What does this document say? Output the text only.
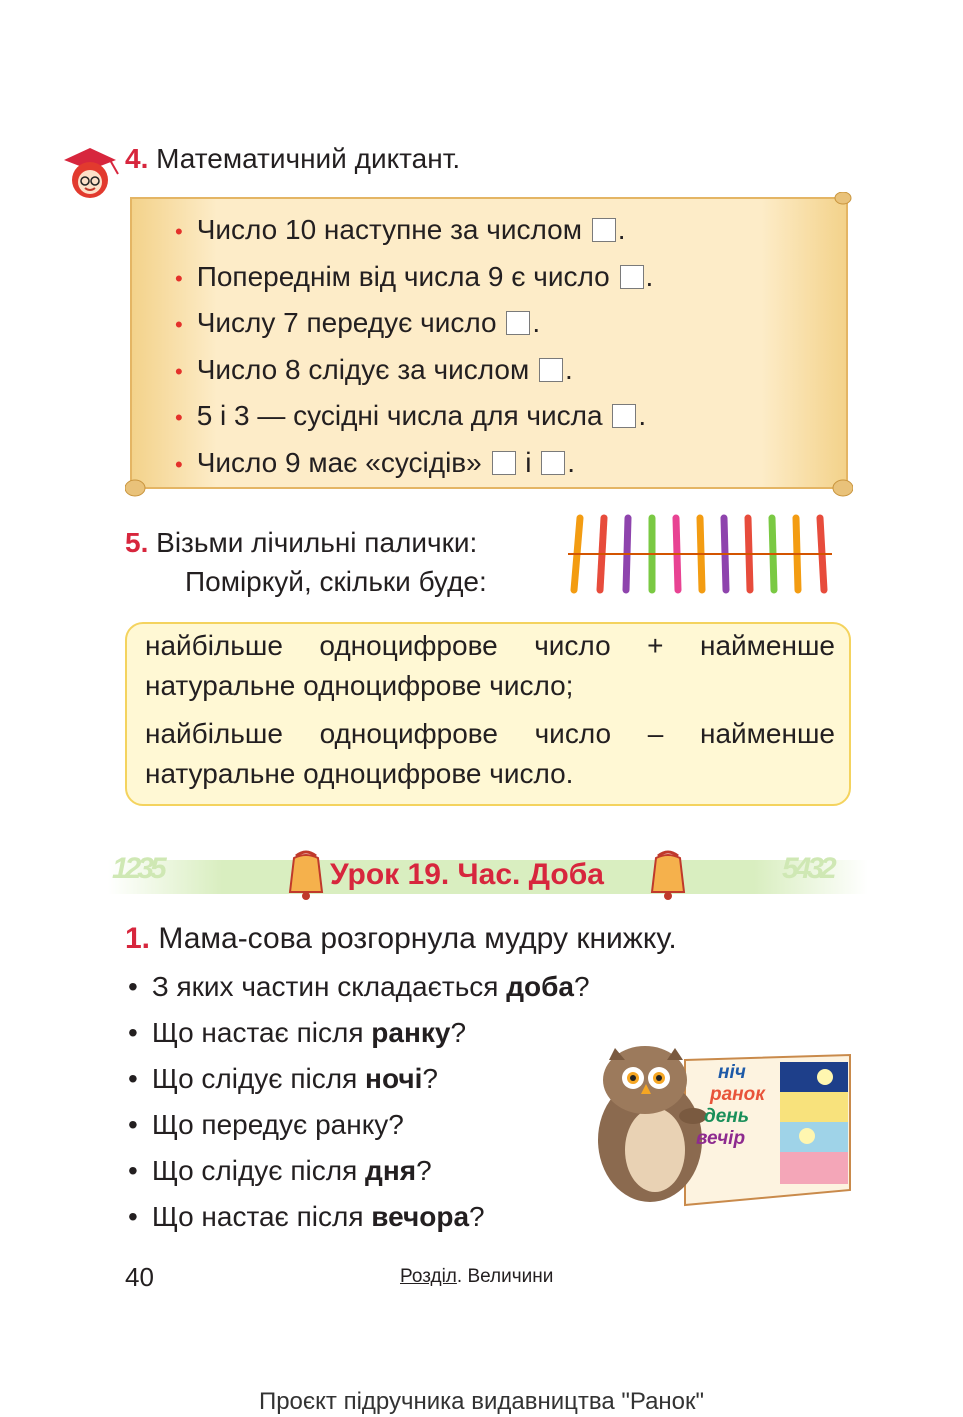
4. Математичний диктант.
• Число 10 наступне за числом .
• Попереднім від числа 9 є число .
• Числу 7 передує число .
• Число 8 слідує за числом .
• 5 і 3 — сусідні числа для числа .
• Число 9 має «сусідів»  і .
5. Візьми лічильні палички:
Поміркуй, скільки буде:
найбільше одноцифрове число + найменше
натуральне одноцифрове число;
найбільше одноцифрове число – найменше
натуральне одноцифрове число.
1235	5432
Урок 19. Час. Доба
1. Мама-сова розгорнула мудру книжку.
• З яких частин складається доба?
• Що настає після ранку?
• Що слідує після ночі?
• Що передує ранку?
• Що слідує після дня?
• Що настає після вечора?
ніч
ранок
день
вечір
40	Розділ. Величини
Проєкт підручника видавництва "Ранок"
